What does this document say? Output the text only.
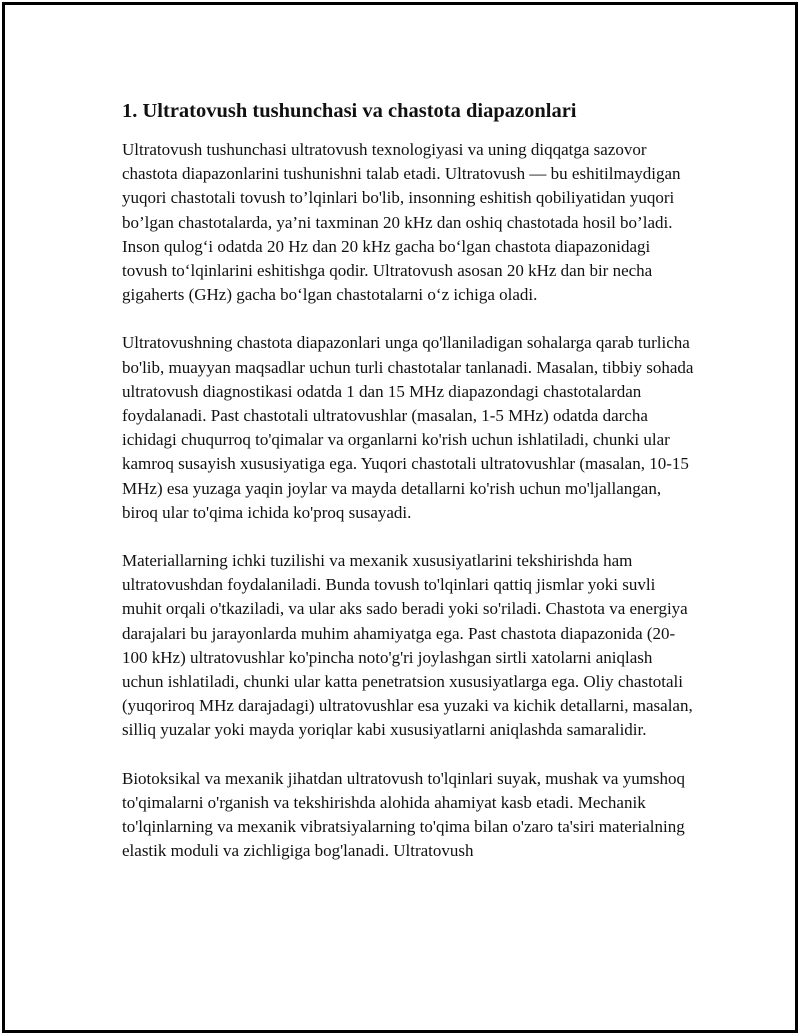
1. Ultratovush tushunchasi va chastota diapazonlari

Ultratovush tushunchasi ultratovush texnologiyasi va uning diqqatga sazovor chastota diapazonlarini tushunishni talab etadi. Ultratovush — bu eshitilmaydigan yuqori chastotali tovush to’lqinlari bo'lib, insonning eshitish qobiliyatidan yuqori bo’lgan chastotalarda, ya’ni taxminan 20 kHz dan oshiq chastotada hosil bo’ladi. Inson qulog‘i odatda 20 Hz dan 20 kHz gacha bo‘lgan chastota diapazonidagi tovush to‘lqinlarini eshitishga qodir. Ultratovush asosan 20 kHz dan bir necha gigaherts (GHz) gacha bo‘lgan chastotalarni o‘z ichiga oladi.

Ultratovushning chastota diapazonlari unga qo'llaniladigan sohalarga qarab turlicha bo'lib, muayyan maqsadlar uchun turli chastotalar tanlanadi. Masalan, tibbiy sohada ultratovush diagnostikasi odatda 1 dan 15 MHz diapazondagi chastotalardan foydalanadi. Past chastotali ultratovushlar (masalan, 1-5 MHz) odatda darcha ichidagi chuqurroq to'qimalar va organlarni ko'rish uchun ishlatiladi, chunki ular kamroq susayish xususiyatiga ega. Yuqori chastotali ultratovushlar (masalan, 10-15 MHz) esa yuzaga yaqin joylar va mayda detallarni ko'rish uchun mo'ljallangan, biroq ular to'qima ichida ko'proq susayadi.

Materiallarning ichki tuzilishi va mexanik xususiyatlarini tekshirishda ham ultratovushdan foydalaniladi. Bunda tovush to'lqinlari qattiq jismlar yoki suvli muhit orqali o'tkaziladi, va ular aks sado beradi yoki so'riladi. Chastota va energiya darajalari bu jarayonlarda muhim ahamiyatga ega. Past chastota diapazonida (20-100 kHz) ultratovushlar ko'pincha noto'g'ri joylashgan sirtli xatolarni aniqlash uchun ishlatiladi, chunki ular katta penetratsion xususiyatlarga ega. Oliy chastotali (yuqoriroq MHz darajadagi) ultratovushlar esa yuzaki va kichik detallarni, masalan, silliq yuzalar yoki mayda yoriqlar kabi xususiyatlarni aniqlashda samaralidir.

Biotoksikal va mexanik jihatdan ultratovush to'lqinlari suyak, mushak va yumshoq to'qimalarni o'rganish va tekshirishda alohida ahamiyat kasb etadi. Mechanik to'lqinlarning va mexanik vibratsiyalarning to'qima bilan o'zaro ta'siri materialning elastik moduli va zichligiga bog'lanadi. Ultratovush
